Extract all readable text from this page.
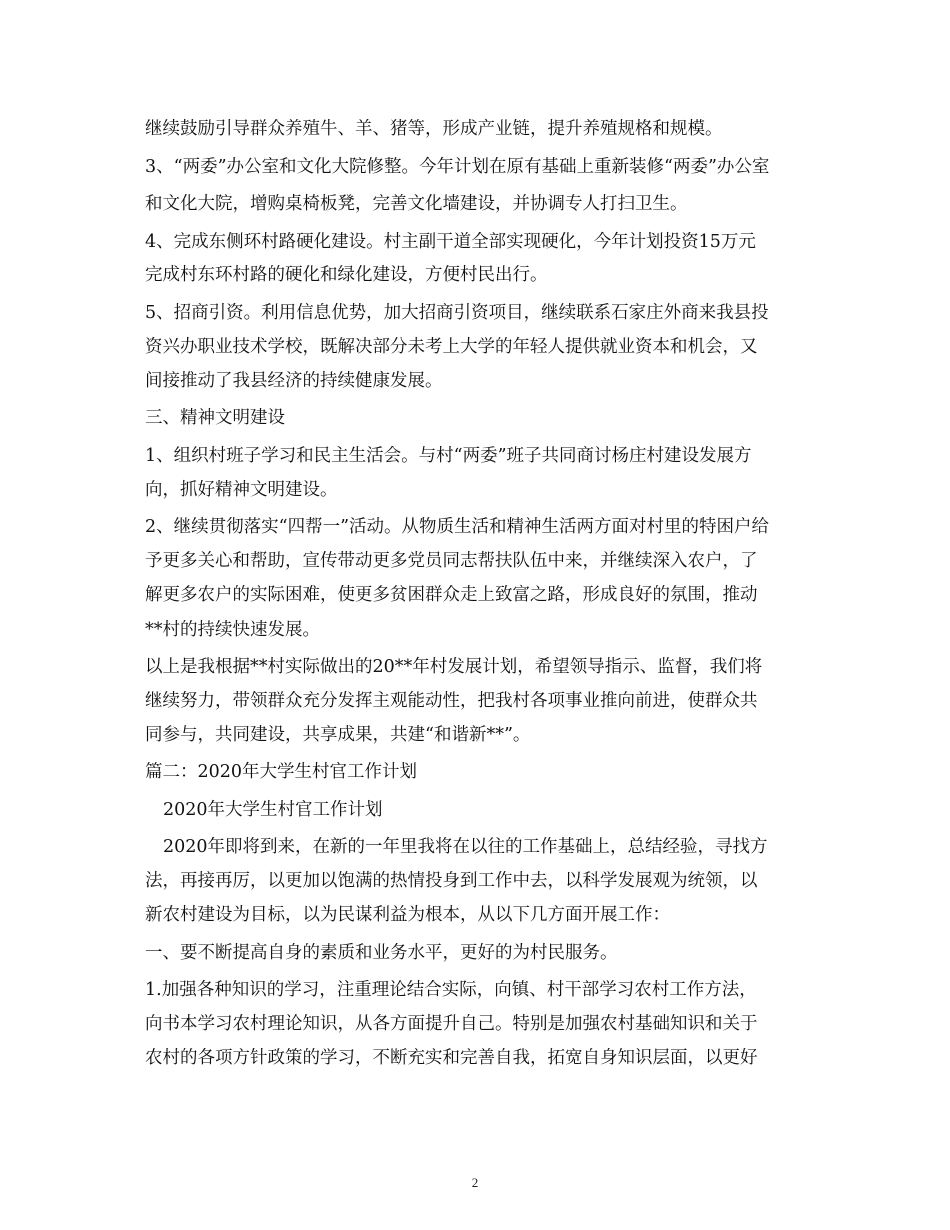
继续鼓励引导群众养殖牛、羊、猪等，形成产业链，提升养殖规格和规模。
3、“两委”办公室和文化大院修整。今年计划在原有基础上重新装修“两委”办公室
和文化大院，增购桌椅板凳，完善文化墙建设，并协调专人打扫卫生。
4、完成东侧环村路硬化建设。村主副干道全部实现硬化，今年计划投资15万元
完成村东环村路的硬化和绿化建设，方便村民出行。
5、招商引资。利用信息优势，加大招商引资项目，继续联系石家庄外商来我县投
资兴办职业技术学校，既解决部分未考上大学的年轻人提供就业资本和机会，又
间接推动了我县经济的持续健康发展。
三、精神文明建设
1、组织村班子学习和民主生活会。与村“两委”班子共同商讨杨庄村建设发展方
向，抓好精神文明建设。
2、继续贯彻落实“四帮一”活动。从物质生活和精神生活两方面对村里的特困户给
予更多关心和帮助，宣传带动更多党员同志帮扶队伍中来，并继续深入农户，了
解更多农户的实际困难，使更多贫困群众走上致富之路，形成良好的氛围，推动
**村的持续快速发展。
以上是我根据**村实际做出的20**年村发展计划，希望领导指示、监督，我们将
继续努力，带领群众充分发挥主观能动性，把我村各项事业推向前进，使群众共
同参与，共同建设，共享成果，共建“和谐新**”。
篇二：2020年大学生村官工作计划
2020年大学生村官工作计划
2020年即将到来，在新的一年里我将在以往的工作基础上，总结经验，寻找方
法，再接再厉，以更加以饱满的热情投身到工作中去，以科学发展观为统领，以
新农村建设为目标，以为民谋利益为根本，从以下几方面开展工作：
一、要不断提高自身的素质和业务水平，更好的为村民服务。
1.加强各种知识的学习，注重理论结合实际，向镇、村干部学习农村工作方法，
向书本学习农村理论知识，从各方面提升自己。特别是加强农村基础知识和关于
农村的各项方针政策的学习，不断充实和完善自我，拓宽自身知识层面，以更好
2
